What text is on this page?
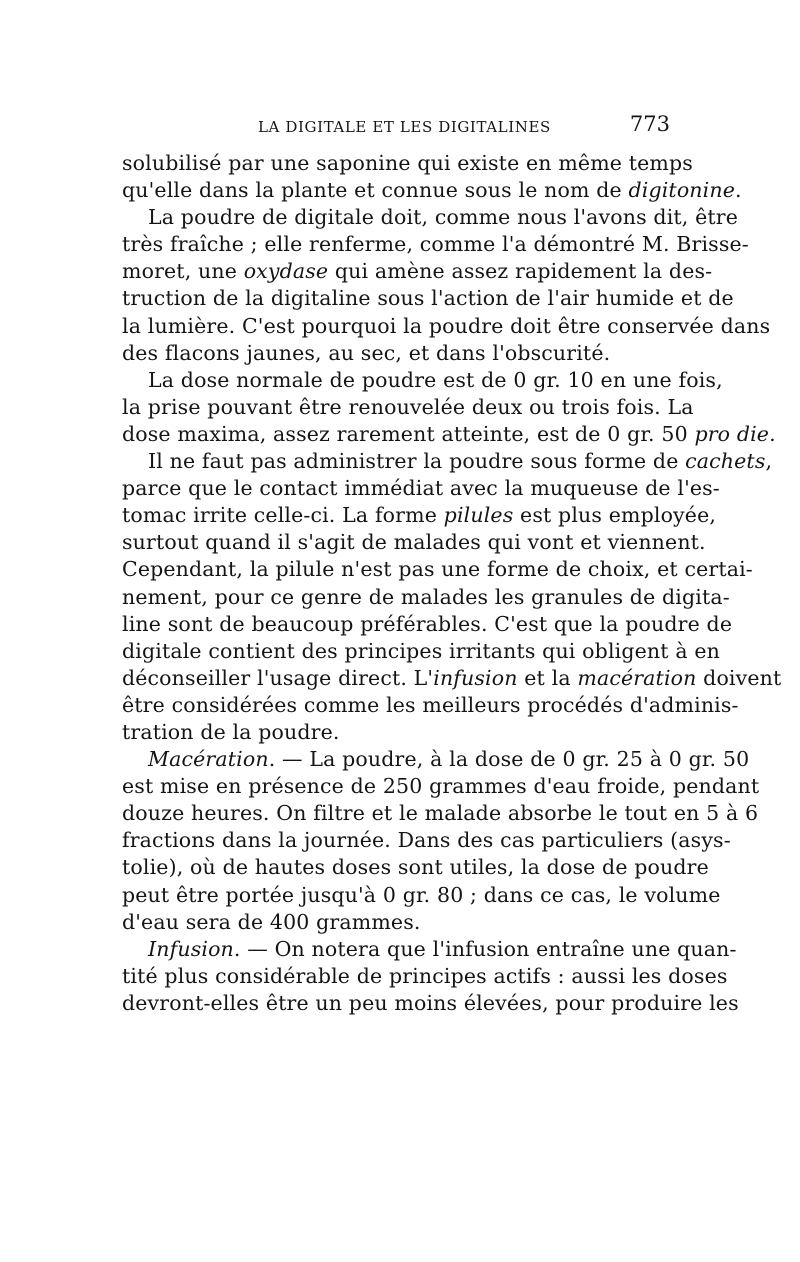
LA DIGITALE ET LES DIGITALINES	773
solubilisé par une saponine qui existe en même temps
qu'elle dans la plante et connue sous le nom de digitonine.
La poudre de digitale doit, comme nous l'avons dit, être
très fraîche ; elle renferme, comme l'a démontré M. Brisse-
moret, une oxydase qui amène assez rapidement la des-
truction de la digitaline sous l'action de l'air humide et de
la lumière. C'est pourquoi la poudre doit être conservée dans
des flacons jaunes, au sec, et dans l'obscurité.
La dose normale de poudre est de 0 gr. 10 en une fois,
la prise pouvant être renouvelée deux ou trois fois. La
dose maxima, assez rarement atteinte, est de 0 gr. 50 pro die.
Il ne faut pas administrer la poudre sous forme de cachets,
parce que le contact immédiat avec la muqueuse de l'es-
tomac irrite celle-ci. La forme pilules est plus employée,
surtout quand il s'agit de malades qui vont et viennent.
Cependant, la pilule n'est pas une forme de choix, et certai-
nement, pour ce genre de malades les granules de digita-
line sont de beaucoup préférables. C'est que la poudre de
digitale contient des principes irritants qui obligent à en
déconseiller l'usage direct. L'infusion et la macération doivent
être considérées comme les meilleurs procédés d'adminis-
tration de la poudre.
Macération. — La poudre, à la dose de 0 gr. 25 à 0 gr. 50
est mise en présence de 250 grammes d'eau froide, pendant
douze heures. On filtre et le malade absorbe le tout en 5 à 6
fractions dans la journée. Dans des cas particuliers (asys-
tolie), où de hautes doses sont utiles, la dose de poudre
peut être portée jusqu'à 0 gr. 80 ; dans ce cas, le volume
d'eau sera de 400 grammes.
Infusion. — On notera que l'infusion entraîne une quan-
tité plus considérable de principes actifs : aussi les doses
devront-elles être un peu moins élevées, pour produire les
